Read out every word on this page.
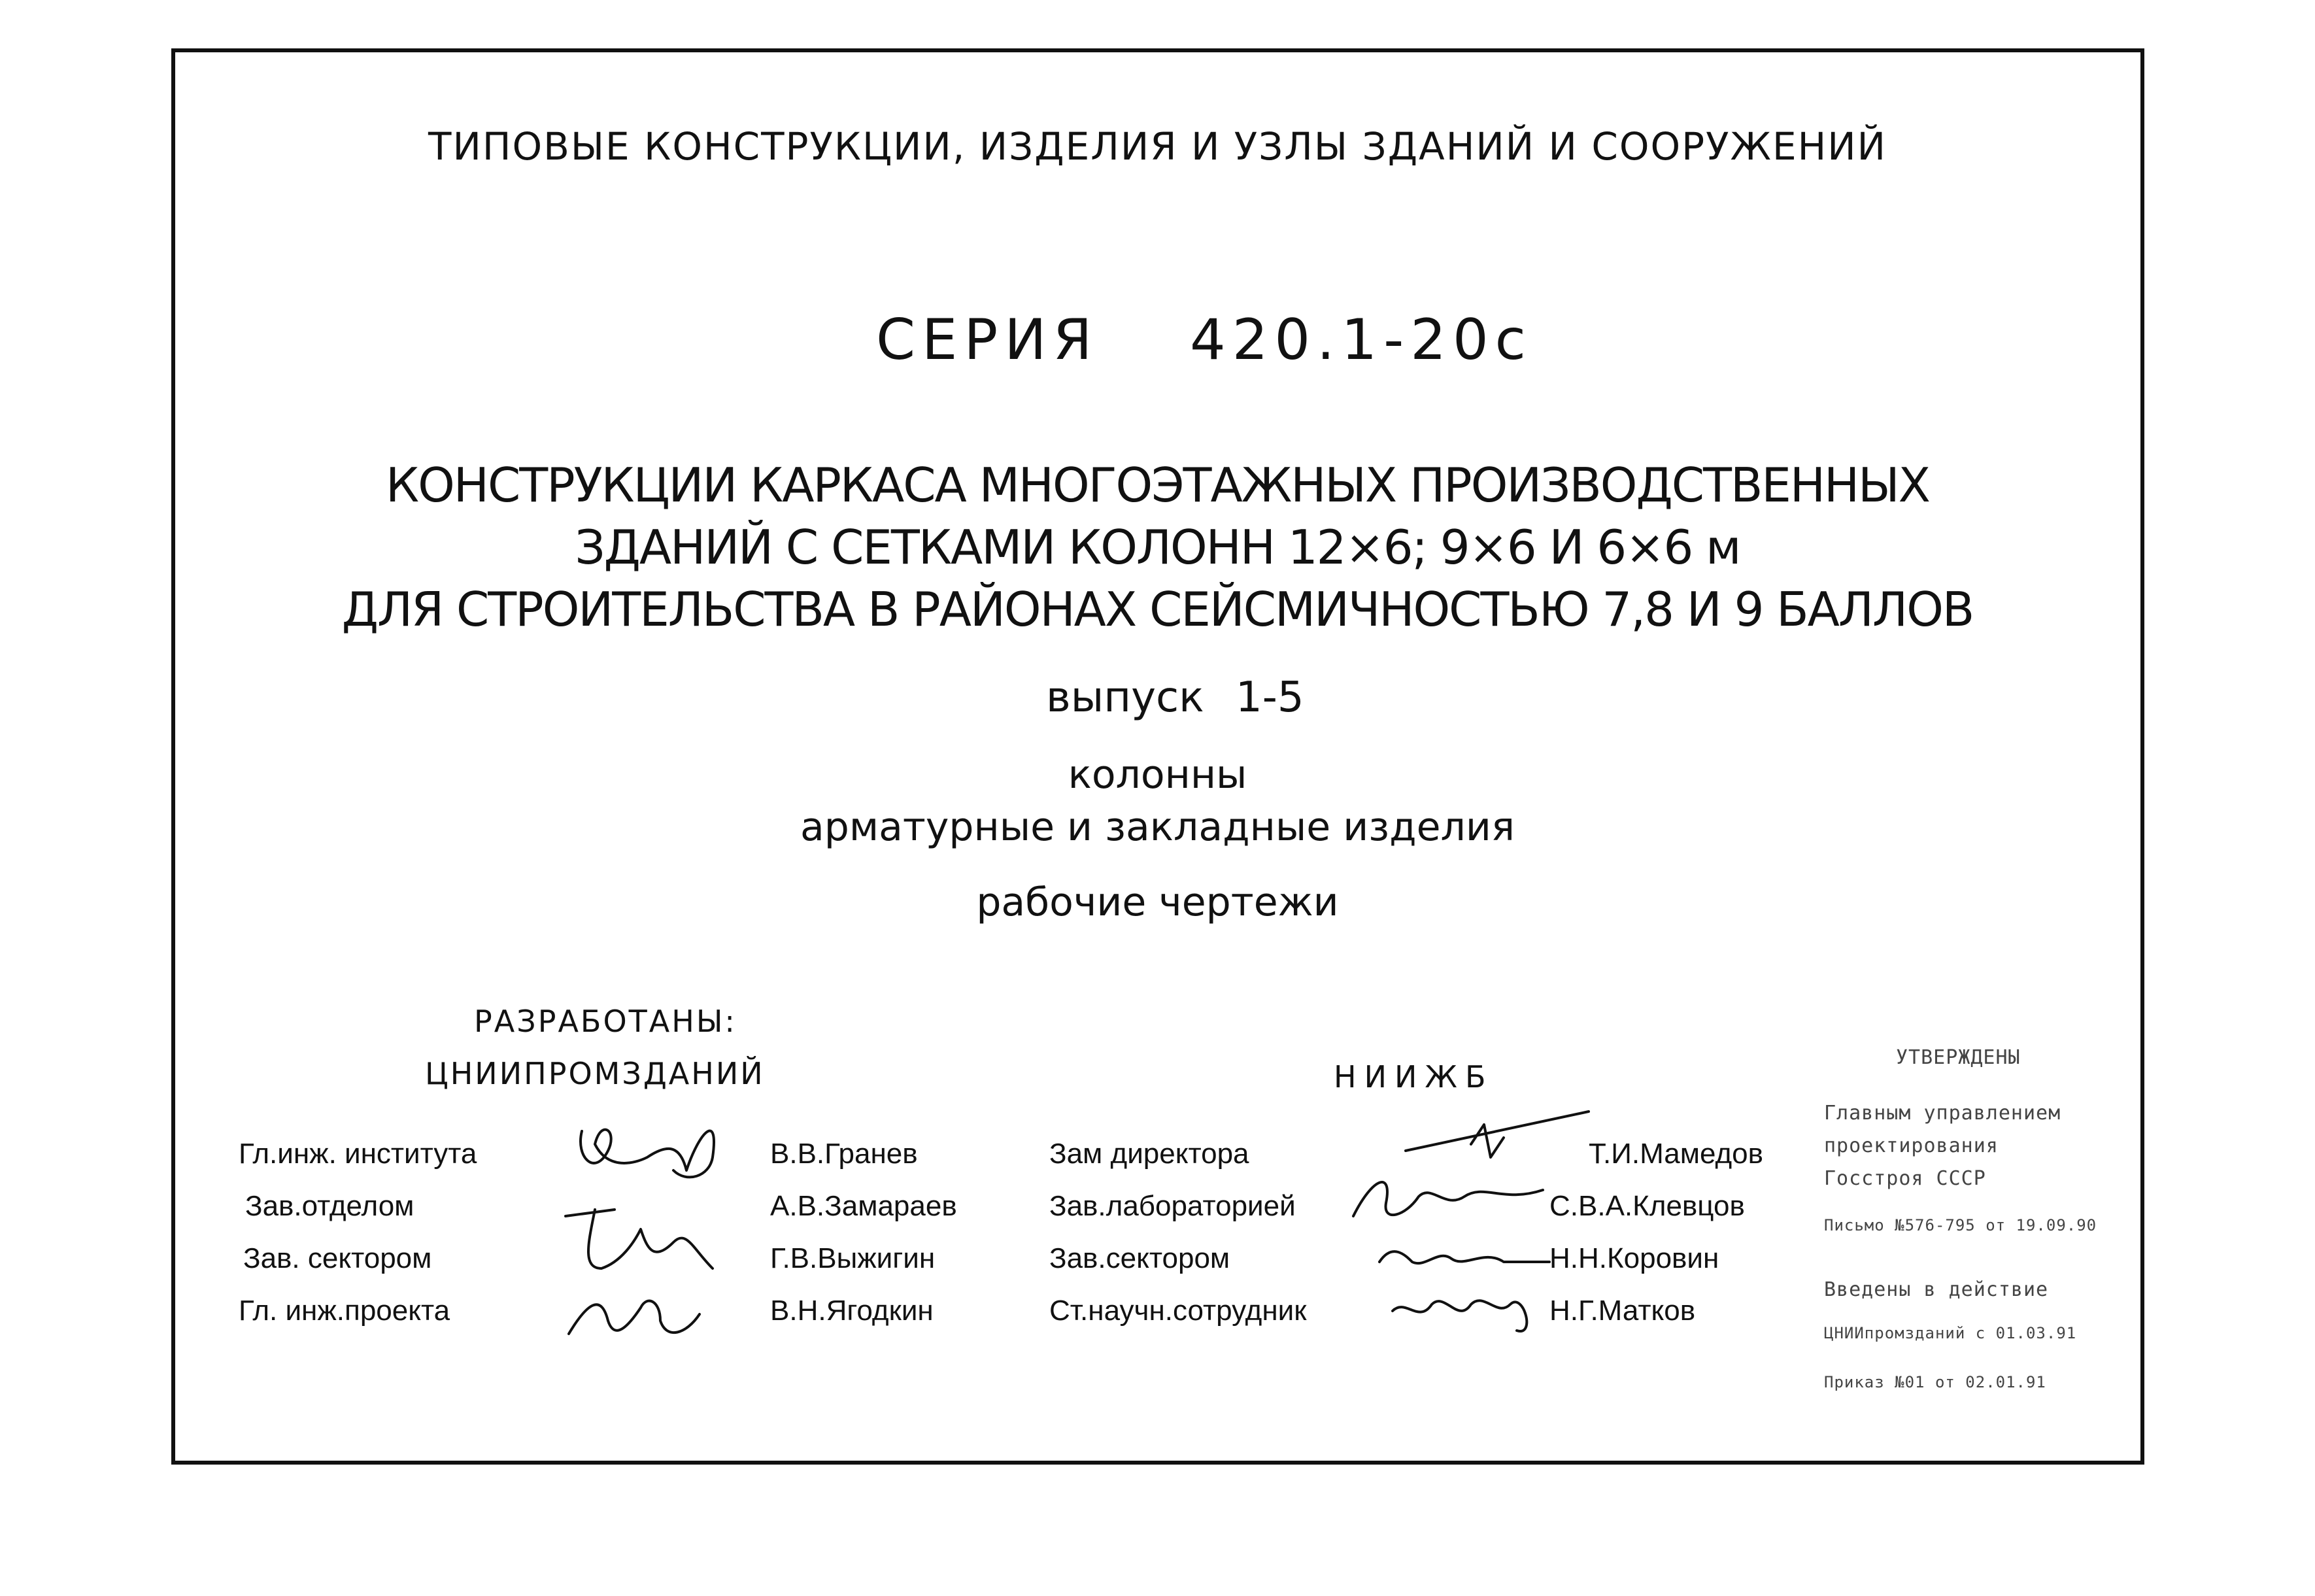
ТИПОВЫЕ КОНСТРУКЦИИ, ИЗДЕЛИЯ И УЗЛЫ ЗДАНИЙ И СООРУЖЕНИЙ
СЕРИЯ 420.1-20с
КОНСТРУКЦИИ КАРКАСА МНОГОЭТАЖНЫХ ПРОИЗВОДСТВЕННЫХ
ЗДАНИЙ С СЕТКАМИ КОЛОНН 12×6; 9×6 И 6×6 м
ДЛЯ СТРОИТЕЛЬСТВА В РАЙОНАХ СЕЙСМИЧНОСТЬЮ 7,8 И 9 БАЛЛОВ
выпуск 1-5
колонны
арматурные и закладные изделия
рабочие чертежи
РАЗРАБОТАНЫ:
ЦНИИПРОМЗДАНИЙ	НИИЖБ
Гл.инж. института
Зав.отделом
Зав. сектором
Гл. инж.проекта
В.В.Гранев
А.В.Замараев
Г.В.Выжигин
В.Н.Ягодкин
Зам директора
Зав.лабораторией
Зав.сектором
Ст.научн.сотрудник
Т.И.Мамедов
С.В.А.Клевцов
Н.Н.Коровин
Н.Г.Матков
УТВЕРЖДЕНЫ
Главным управлением
проектирования
Госстроя СССР
Письмо №576-795 от 19.09.90
Введены в действие
ЦНИИпромзданий с 01.03.91
Приказ №01 от 02.01.91
